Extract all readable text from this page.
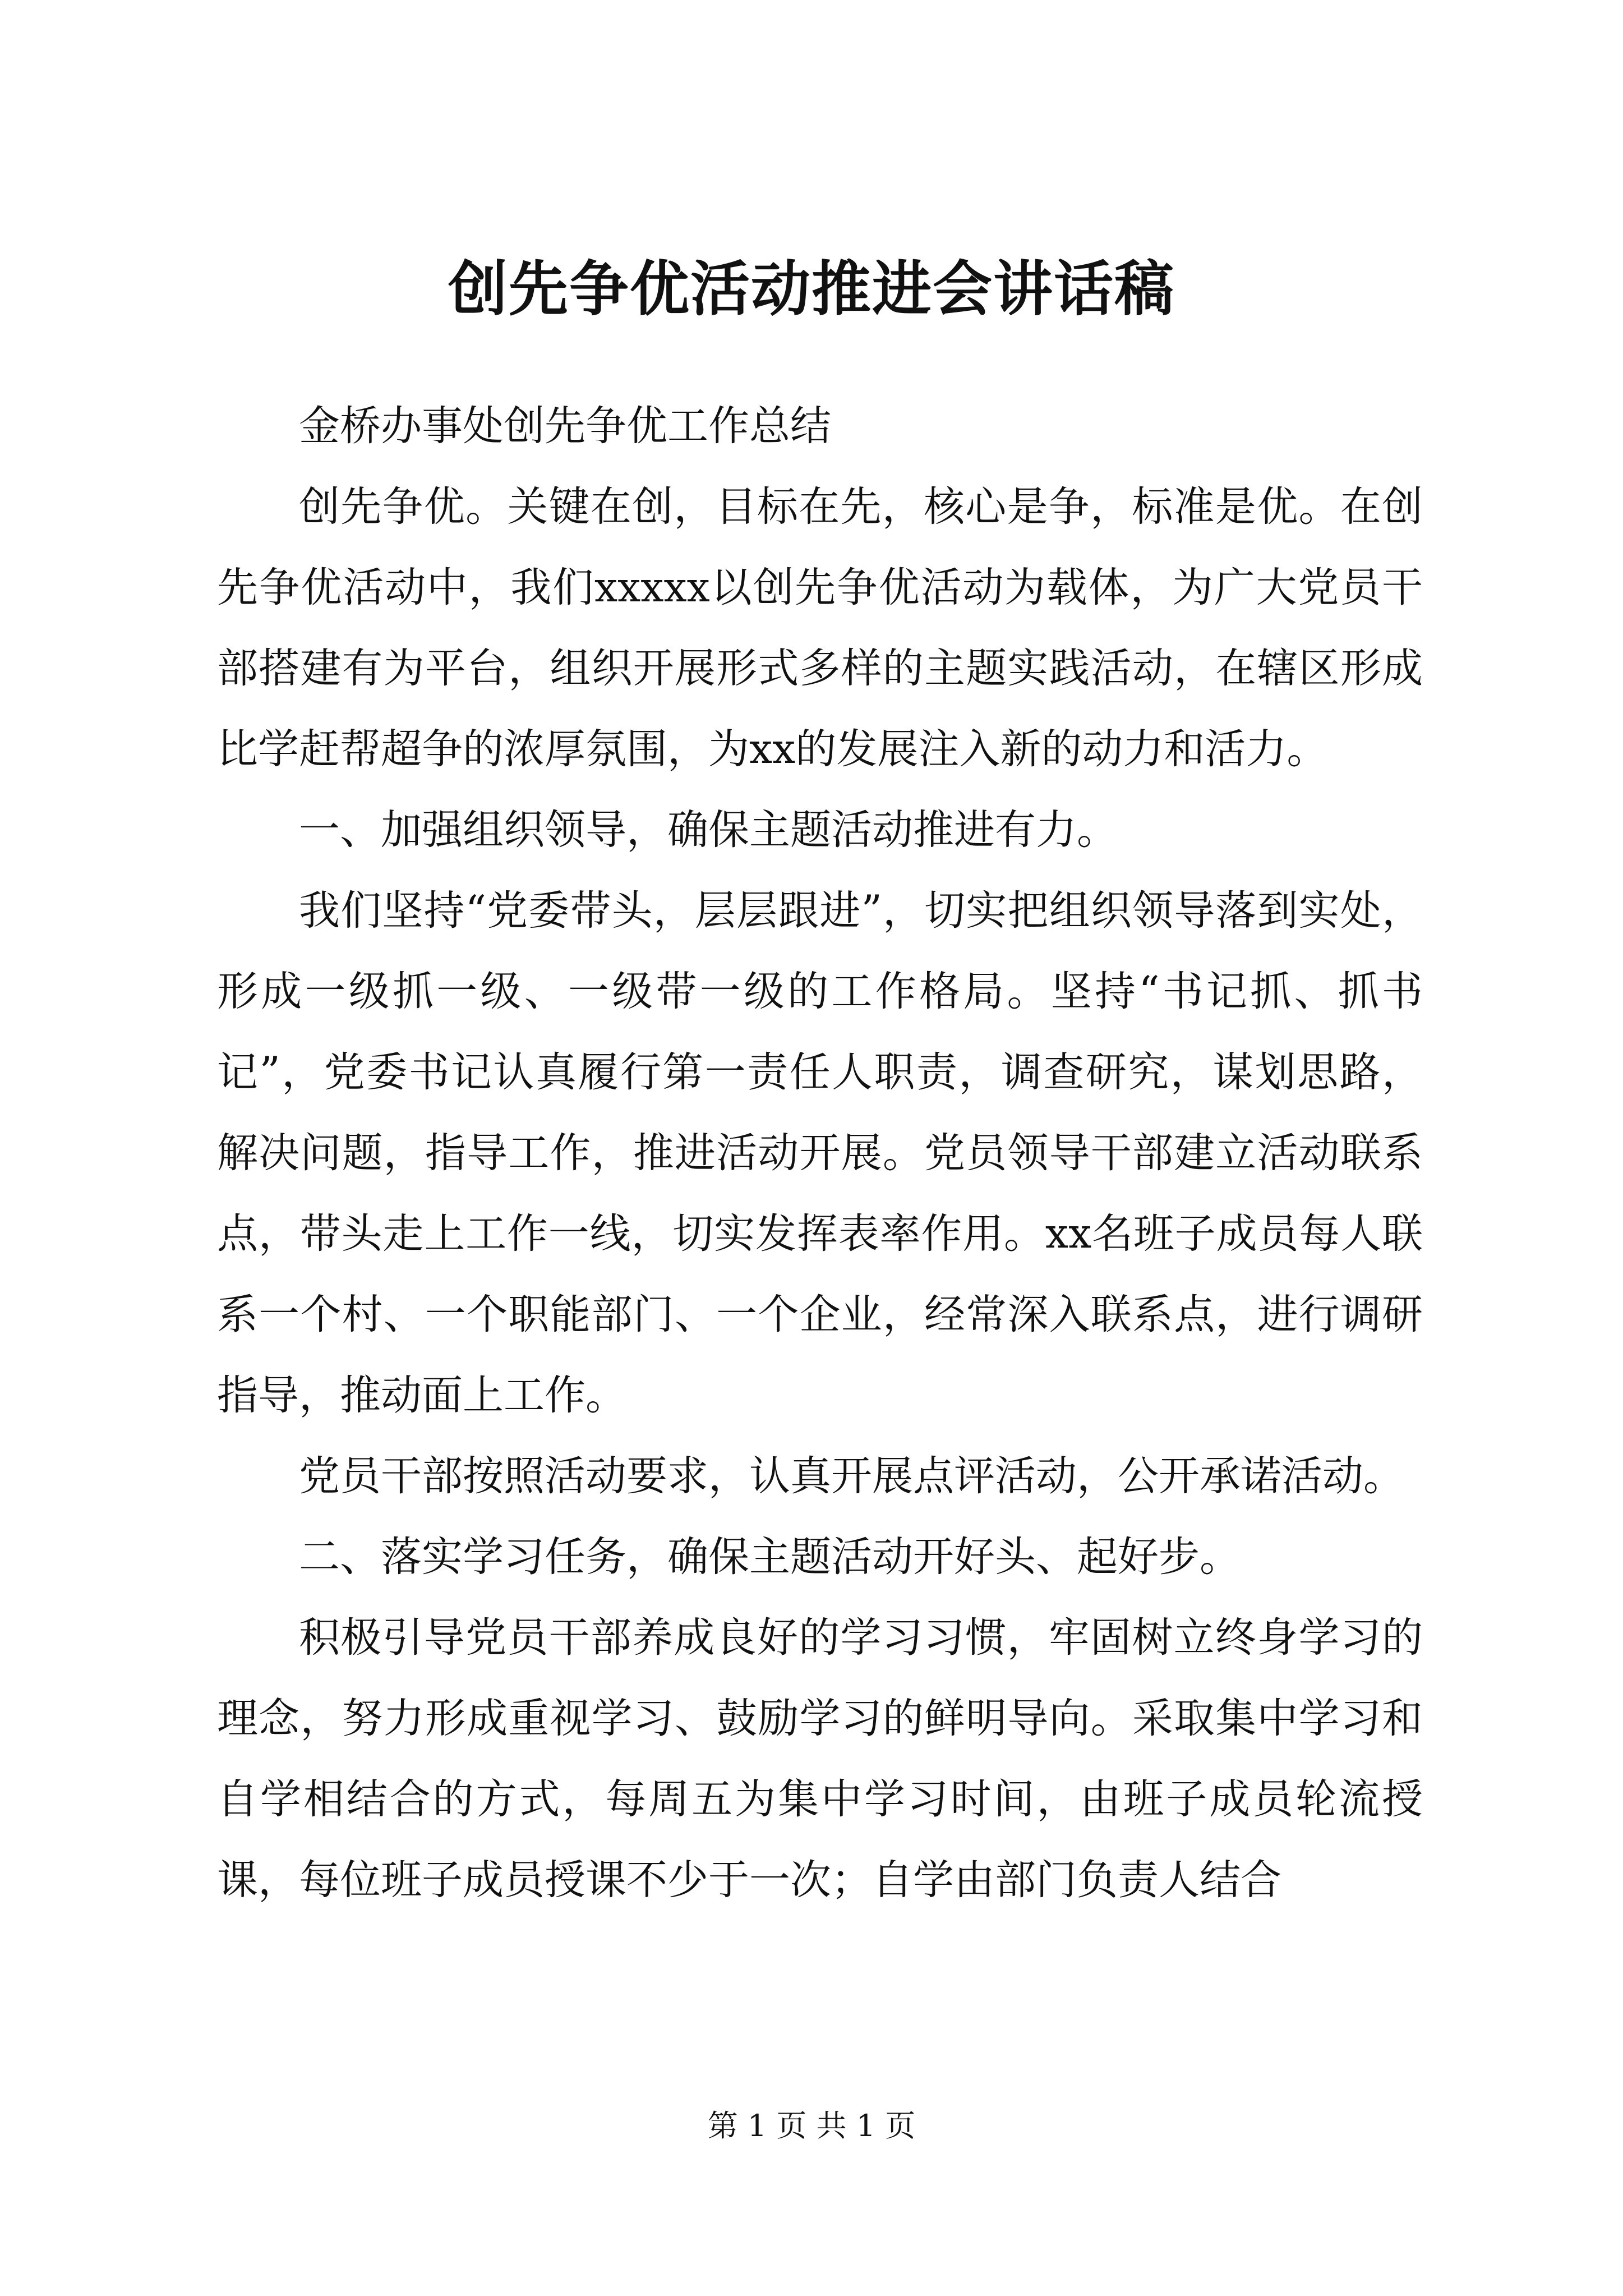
创先争优活动推进会讲话稿

金桥办事处创先争优工作总结

创先争优。关键在创，目标在先，核心是争，标准是优。在创先争优活动中，我们xxxxx以创先争优活动为载体，为广大党员干部搭建有为平台，组织开展形式多样的主题实践活动，在辖区形成比学赶帮超争的浓厚氛围，为xx的发展注入新的动力和活力。

一、加强组织领导，确保主题活动推进有力。

我们坚持“党委带头，层层跟进”，切实把组织领导落到实处，形成一级抓一级、一级带一级的工作格局。坚持“书记抓、抓书记”，党委书记认真履行第一责任人职责，调查研究，谋划思路，解决问题，指导工作，推进活动开展。党员领导干部建立活动联系点，带头走上工作一线，切实发挥表率作用。xx名班子成员每人联系一个村、一个职能部门、一个企业，经常深入联系点，进行调研指导，推动面上工作。

党员干部按照活动要求，认真开展点评活动，公开承诺活动。

二、落实学习任务，确保主题活动开好头、起好步。

积极引导党员干部养成良好的学习习惯，牢固树立终身学习的理念，努力形成重视学习、鼓励学习的鲜明导向。采取集中学习和自学相结合的方式，每周五为集中学习时间，由班子成员轮流授课，每位班子成员授课不少于一次；自学由部门负责人结合

第 1 页 共 1 页
